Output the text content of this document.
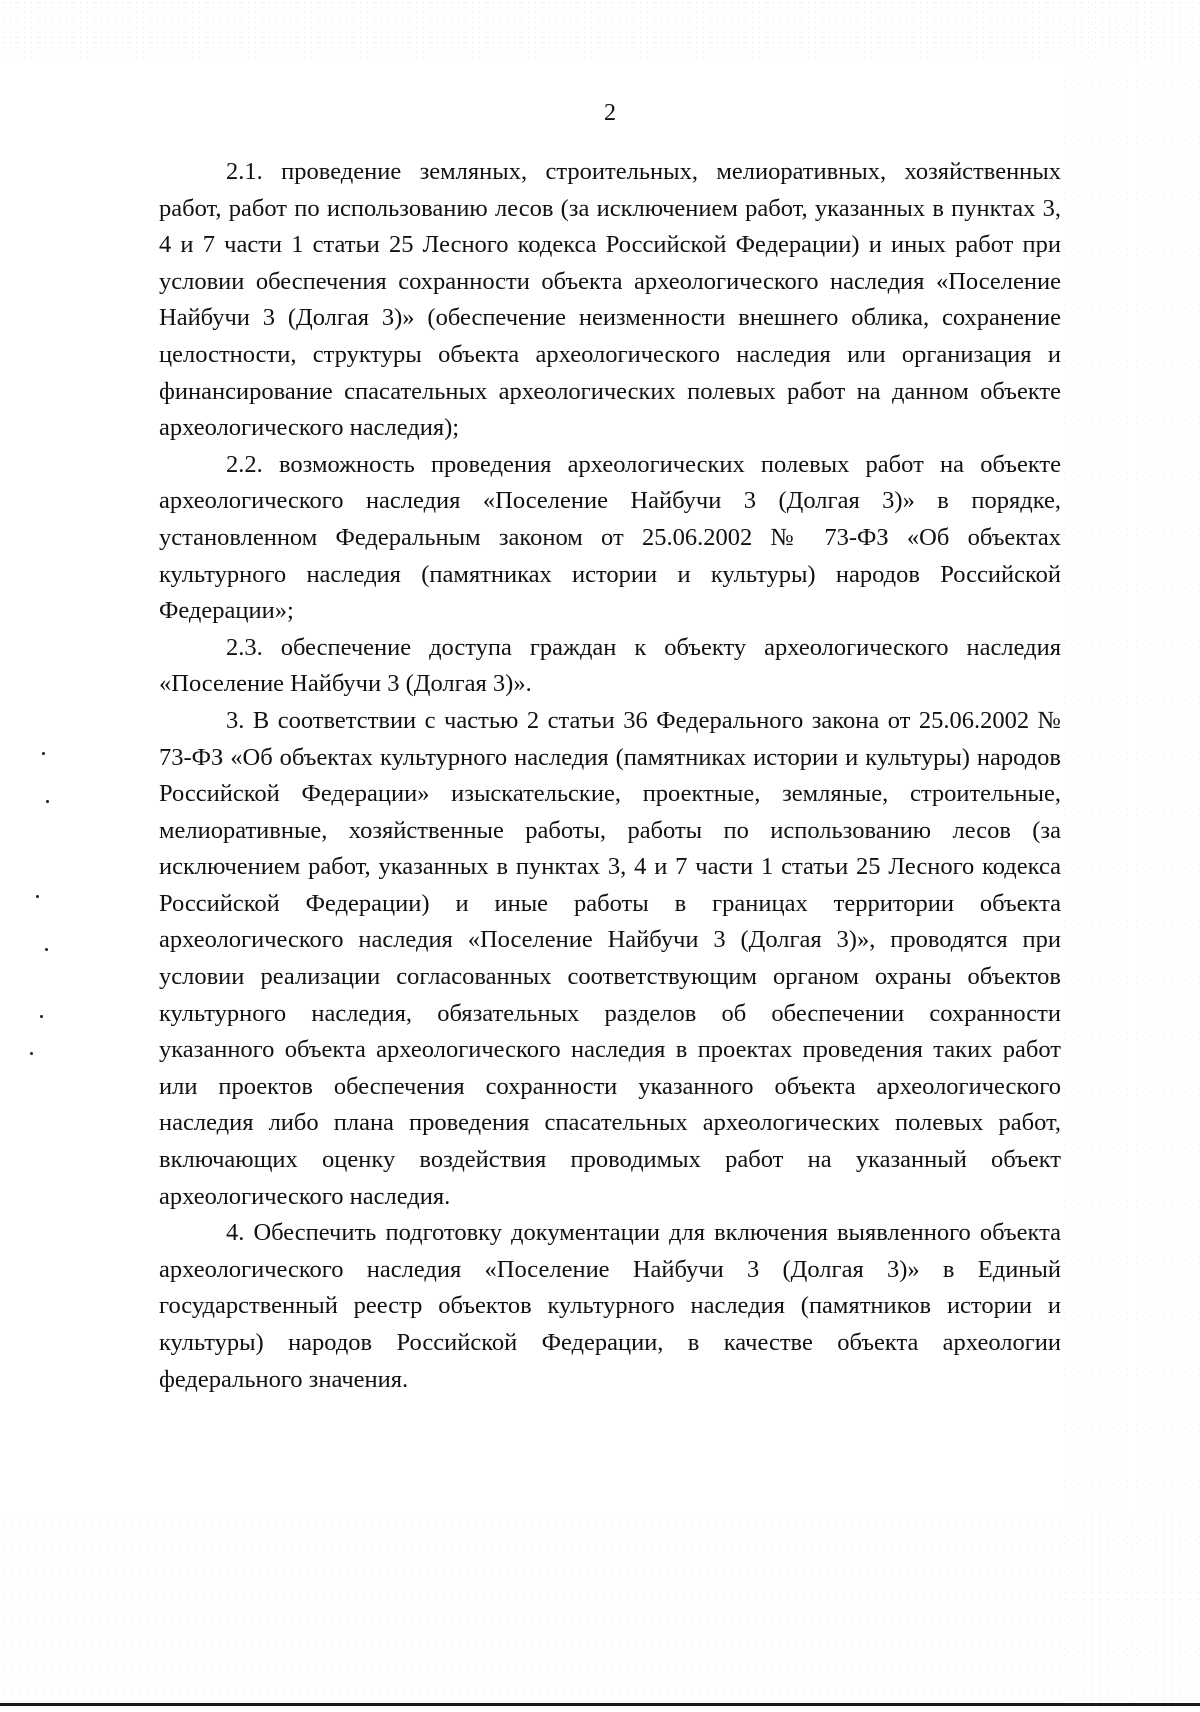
2

2.1. проведение земляных, строительных, мелиоративных, хозяйственных работ, работ по использованию лесов (за исключением работ, указанных в пунктах 3, 4 и 7 части 1 статьи 25 Лесного кодекса Российской Федерации) и иных работ при условии обеспечения сохранности объекта археологического наследия «Поселение Найбучи 3 (Долгая 3)» (обеспечение неизменности внешнего облика, сохранение целостности, структуры объекта археологического наследия или организация и финансирование спасательных археологических полевых работ на данном объекте археологического наследия);

2.2. возможность проведения археологических полевых работ на объекте археологического наследия «Поселение Найбучи 3 (Долгая 3)» в порядке, установленном Федеральным законом от 25.06.2002 № 73-ФЗ «Об объектах культурного наследия (памятниках истории и культуры) народов Российской Федерации»;

2.3. обеспечение доступа граждан к объекту археологического наследия «Поселение Найбучи 3 (Долгая 3)».

3. В соответствии с частью 2 статьи 36 Федерального закона от 25.06.2002 № 73-ФЗ «Об объектах культурного наследия (памятниках истории и культуры) народов Российской Федерации» изыскательские, проектные, земляные, строительные, мелиоративные, хозяйственные работы, работы по использованию лесов (за исключением работ, указанных в пунктах 3, 4 и 7 части 1 статьи 25 Лесного кодекса Российской Федерации) и иные работы в границах территории объекта археологического наследия «Поселение Найбучи 3 (Долгая 3)», проводятся при условии реализации согласованных соответствующим органом охраны объектов культурного наследия, обязательных разделов об обеспечении сохранности указанного объекта археологического наследия в проектах проведения таких работ или проектов обеспечения сохранности указанного объекта археологического наследия либо плана проведения спасательных археологических полевых работ, включающих оценку воздействия проводимых работ на указанный объект археологического наследия.

4. Обеспечить подготовку документации для включения выявленного объекта археологического наследия «Поселение Найбучи 3 (Долгая 3)» в Единый государственный реестр объектов культурного наследия (памятников истории и культуры) народов Российской Федерации, в качестве объекта археологии федерального значения.
